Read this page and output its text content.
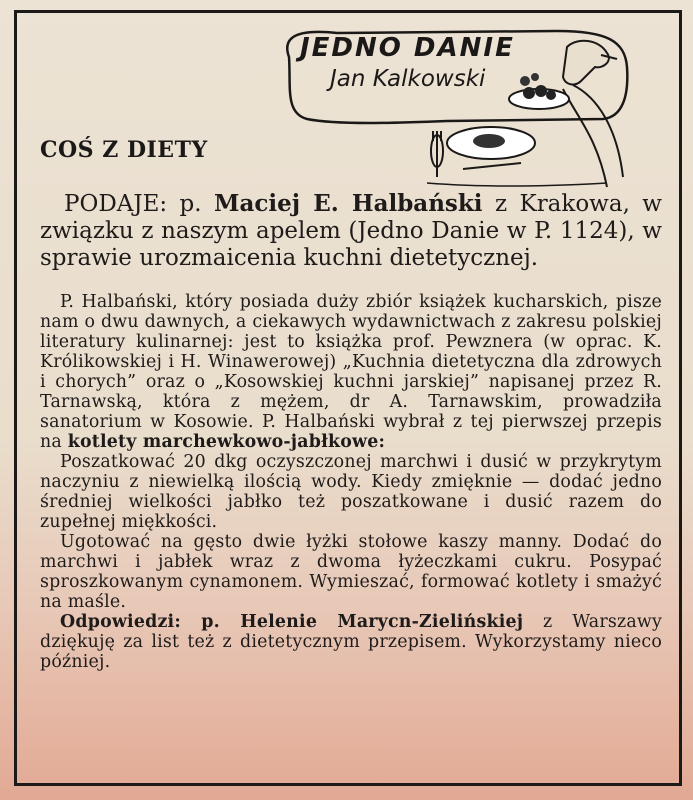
JEDNO DANIE
Jan Kalkowski
COŚ Z DIETY
PODAJE: p. Maciej E. Halbański z Krakowa, w związku z naszym apelem (Jedno Danie w P. 1124), w sprawie urozmaicenia kuchni dietetycznej.

P. Halbański, który posiada duży zbiór książek kucharskich, pisze nam o dwu dawnych, a ciekawych wydawnictwach z zakresu polskiej literatury kulinarnej: jest to książka prof. Pewznera (w oprac. K. Królikowskiej i H. Winawerowej) „Kuchnia dietetyczna dla zdrowych i chorych” oraz o „Kosowskiej kuchni jarskiej” napisanej przez R. Tarnawską, która z mężem, dr A. Tarnawskim, prowadziła sanatorium w Kosowie. P. Halbański wybrał z tej pierwszej przepis na kotlety marchewkowo-jabłkowe:

Poszatkować 20 dkg oczyszczonej marchwi i dusić w przykrytym naczyniu z niewielką ilością wody. Kiedy zmięknie — dodać jedno średniej wielkości jabłko też poszatkowane i dusić razem do zupełnej miękkości.

Ugotować na gęsto dwie łyżki stołowe kaszy manny. Dodać do marchwi i jabłek wraz z dwoma łyżeczkami cukru. Posypać sproszkowanym cynamonem. Wymieszać, formować kotlety i smażyć na maśle.

Odpowiedzi: p. Helenie Marycn-Zielińskiej z Warszawy dziękuję za list też z dietetycznym przepisem. Wykorzystamy nieco później.
